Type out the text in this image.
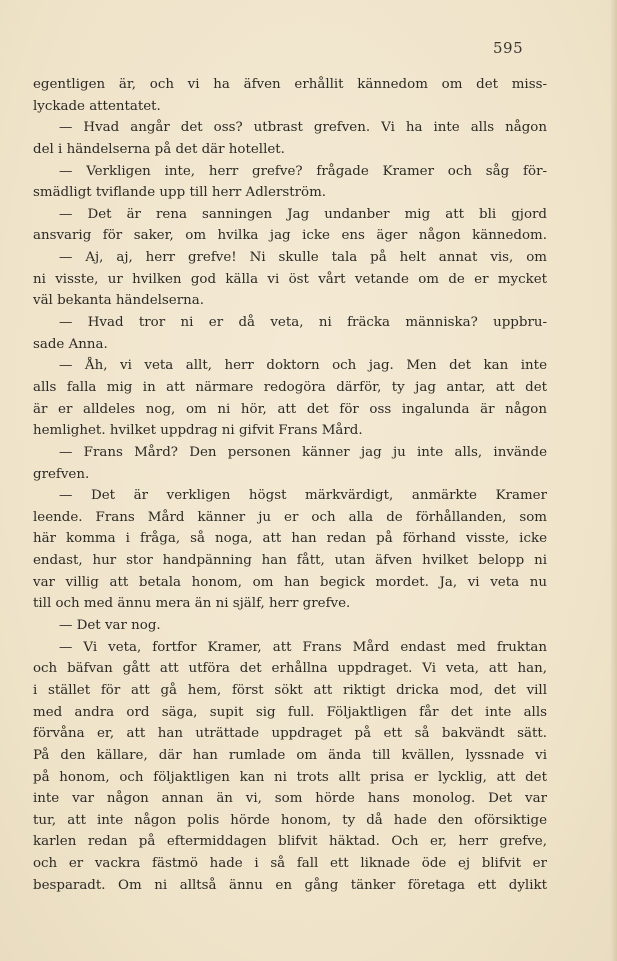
595
egentligen är, och vi ha äfven erhållit kännedom om det miss-
lyckade attentatet.
— Hvad angår det oss? utbrast grefven. Vi ha inte alls någon
del i händelserna på det där hotellet.
— Verkligen inte, herr grefve? frågade Kramer och såg för-
smädligt tviflande upp till herr Adlerström.
— Det är rena sanningen Jag undanber mig att bli gjord
ansvarig för saker, om hvilka jag icke ens äger någon kännedom.
— Aj, aj, herr grefve! Ni skulle tala på helt annat vis, om
ni visste, ur hvilken god källa vi öst vårt vetande om de er mycket
väl bekanta händelserna.
— Hvad tror ni er då veta, ni fräcka människa? uppbru-
sade Anna.
— Åh, vi veta allt, herr doktorn och jag. Men det kan inte
alls falla mig in att närmare redogöra därför, ty jag antar, att det
är er alldeles nog, om ni hör, att det för oss ingalunda är någon
hemlighet. hvilket uppdrag ni gifvit Frans Mård.
— Frans Mård? Den personen känner jag ju inte alls, invände
grefven.
— Det är verkligen högst märkvärdigt, anmärkte Kramer
leende. Frans Mård känner ju er och alla de förhållanden, som
här komma i fråga, så noga, att han redan på förhand visste, icke
endast, hur stor handpänning han fått, utan äfven hvilket belopp ni
var villig att betala honom, om han begick mordet. Ja, vi veta nu
till och med ännu mera än ni själf, herr grefve.
— Det var nog.
— Vi veta, fortfor Kramer, att Frans Mård endast med fruktan
och bäfvan gått att utföra det erhållna uppdraget. Vi veta, att han,
i stället för att gå hem, först sökt att riktigt dricka mod, det vill
med andra ord säga, supit sig full. Följaktligen får det inte alls
förvåna er, att han uträttade uppdraget på ett så bakvändt sätt.
På den källare, där han rumlade om ända till kvällen, lyssnade vi
på honom, och följaktligen kan ni trots allt prisa er lycklig, att det
inte var någon annan än vi, som hörde hans monolog. Det var
tur, att inte någon polis hörde honom, ty då hade den oförsiktige
karlen redan på eftermiddagen blifvit häktad. Och er, herr grefve,
och er vackra fästmö hade i så fall ett liknade öde ej blifvit er
besparadt. Om ni alltså ännu en gång tänker företaga ett dylikt
